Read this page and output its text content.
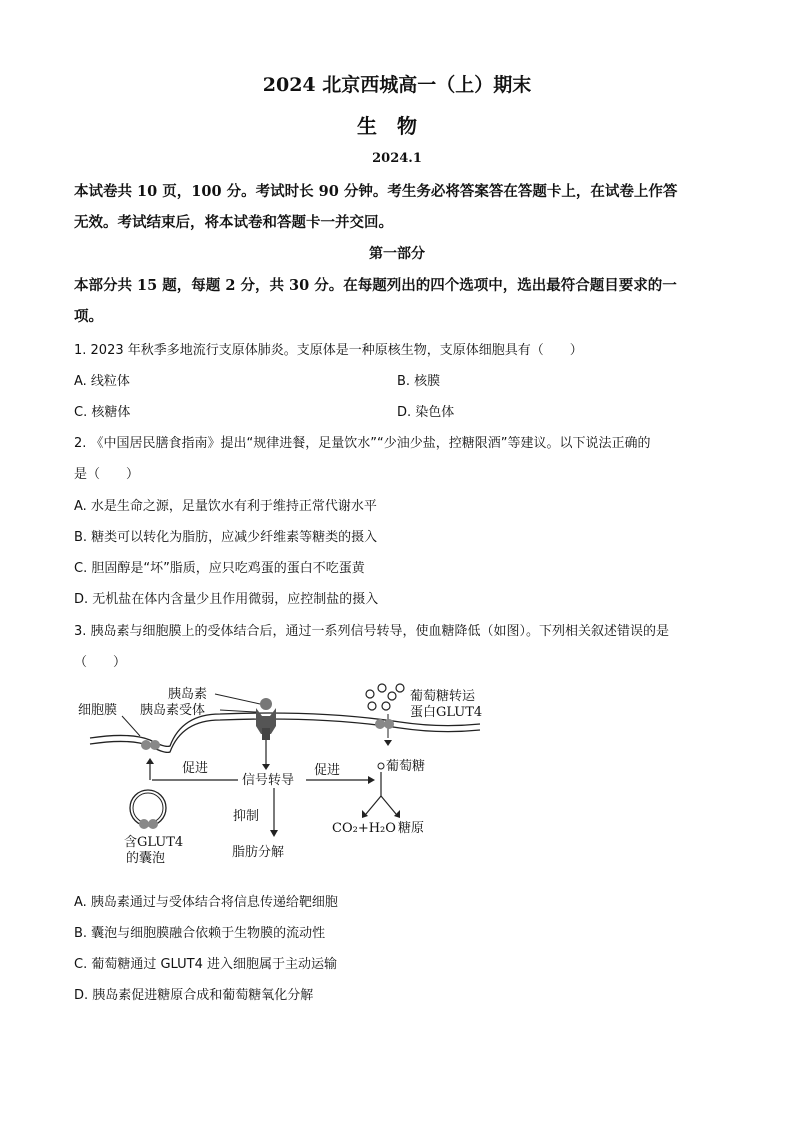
2024 北京西城高一（上）期末
生物
2024.1
本试卷共 10 页，100 分。考试时长 90 分钟。考生务必将答案答在答题卡上，在试卷上作答
无效。考试结束后，将本试卷和答题卡一并交回。
第一部分
本部分共 15 题，每题 2 分，共 30 分。在每题列出的四个选项中，选出最符合题目要求的一
项。
1. 2023 年秋季多地流行支原体肺炎。支原体是一种原核生物，支原体细胞具有（　　）
A. 线粒体	B. 核膜
C. 核糖体	D. 染色体
2. 《中国居民膳食指南》提出“规律进餐，足量饮水”“少油少盐，控糖限酒”等建议。以下说法正确的
是（　　）
A. 水是生命之源，足量饮水有利于维持正常代谢水平
B. 糖类可以转化为脂肪，应减少纤维素等糖类的摄入
C. 胆固醇是“坏”脂质，应只吃鸡蛋的蛋白不吃蛋黄
D. 无机盐在体内含量少且作用微弱，应控制盐的摄入
3. 胰岛素与细胞膜上的受体结合后，通过一系列信号转导，使血糖降低（如图）。下列相关叙述错误的是
（　　）
细胞膜
胰岛素
胰岛素受体
葡萄糖转运
蛋白GLUT4
信号转导
促进	促进	葡萄糖
CO₂+H₂O 糖原
含GLUT4
的囊泡
抑制
脂肪分解
A. 胰岛素通过与受体结合将信息传递给靶细胞
B. 囊泡与细胞膜融合依赖于生物膜的流动性
C. 葡萄糖通过 GLUT4 进入细胞属于主动运输
D. 胰岛素促进糖原合成和葡萄糖氧化分解
